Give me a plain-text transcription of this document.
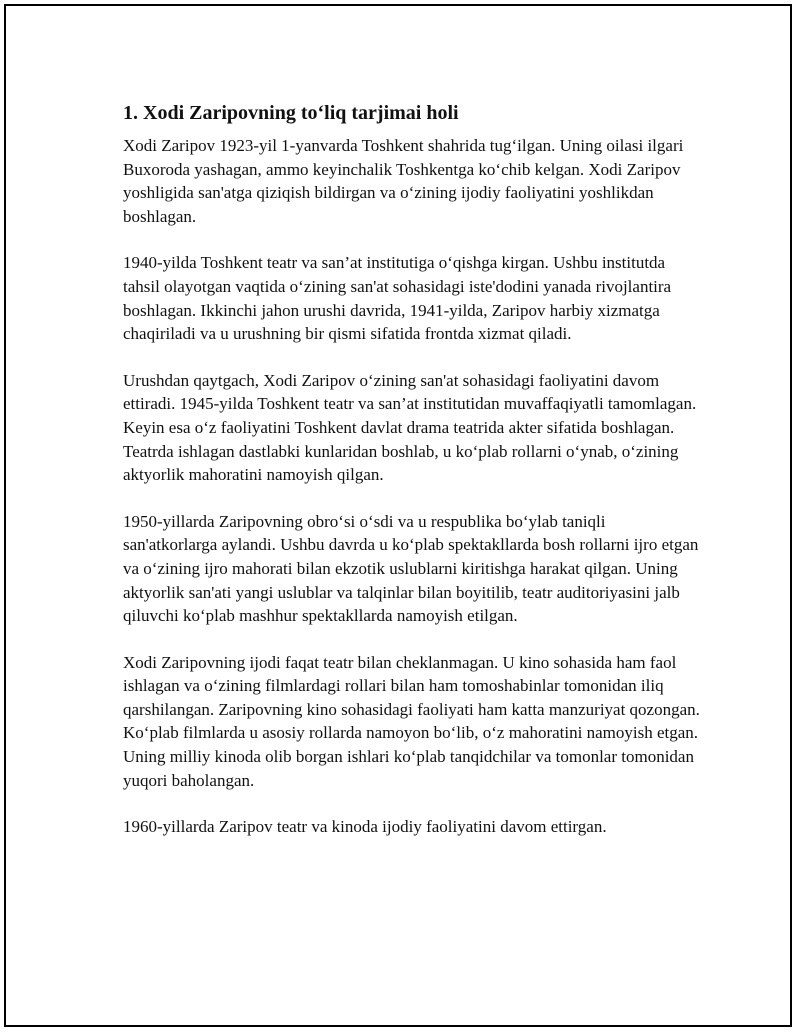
1. Xodi Zaripovning to‘liq tarjimai holi

Xodi Zaripov 1923-yil 1-yanvarda Toshkent shahrida tug‘ilgan. Uning oilasi ilgari Buxoroda yashagan, ammo keyinchalik Toshkentga ko‘chib kelgan. Xodi Zaripov yoshligida san'atga qiziqish bildirgan va o‘zining ijodiy faoliyatini yoshlikdan boshlagan.

1940-yilda Toshkent teatr va san’at institutiga o‘qishga kirgan. Ushbu institutda tahsil olayotgan vaqtida o‘zining san'at sohasidagi iste'dodini yanada rivojlantira boshlagan. Ikkinchi jahon urushi davrida, 1941-yilda, Zaripov harbiy xizmatga chaqiriladi va u urushning bir qismi sifatida frontda xizmat qiladi.

Urushdan qaytgach, Xodi Zaripov o‘zining san'at sohasidagi faoliyatini davom ettiradi. 1945-yilda Toshkent teatr va san’at institutidan muvaffaqiyatli tamomlagan. Keyin esa o‘z faoliyatini Toshkent davlat drama teatrida akter sifatida boshlagan. Teatrda ishlagan dastlabki kunlaridan boshlab, u ko‘plab rollarni o‘ynab, o‘zining aktyorlik mahoratini namoyish qilgan.

1950-yillarda Zaripovning obro‘si o‘sdi va u respublika bo‘ylab taniqli san'atkorlarga aylandi. Ushbu davrda u ko‘plab spektakllarda bosh rollarni ijro etgan va o‘zining ijro mahorati bilan ekzotik uslublarni kiritishga harakat qilgan. Uning aktyorlik san'ati yangi uslublar va talqinlar bilan boyitilib, teatr auditoriyasini jalb qiluvchi ko‘plab mashhur spektakllarda namoyish etilgan.

Xodi Zaripovning ijodi faqat teatr bilan cheklanmagan. U kino sohasida ham faol ishlagan va o‘zining filmlardagi rollari bilan ham tomoshabinlar tomonidan iliq qarshilangan. Zaripovning kino sohasidagi faoliyati ham katta manzuriyat qozongan. Ko‘plab filmlarda u asosiy rollarda namoyon bo‘lib, o‘z mahoratini namoyish etgan. Uning milliy kinoda olib borgan ishlari ko‘plab tanqidchilar va tomonlar tomonidan yuqori baholangan.

1960-yillarda Zaripov teatr va kinoda ijodiy faoliyatini davom ettirgan.
